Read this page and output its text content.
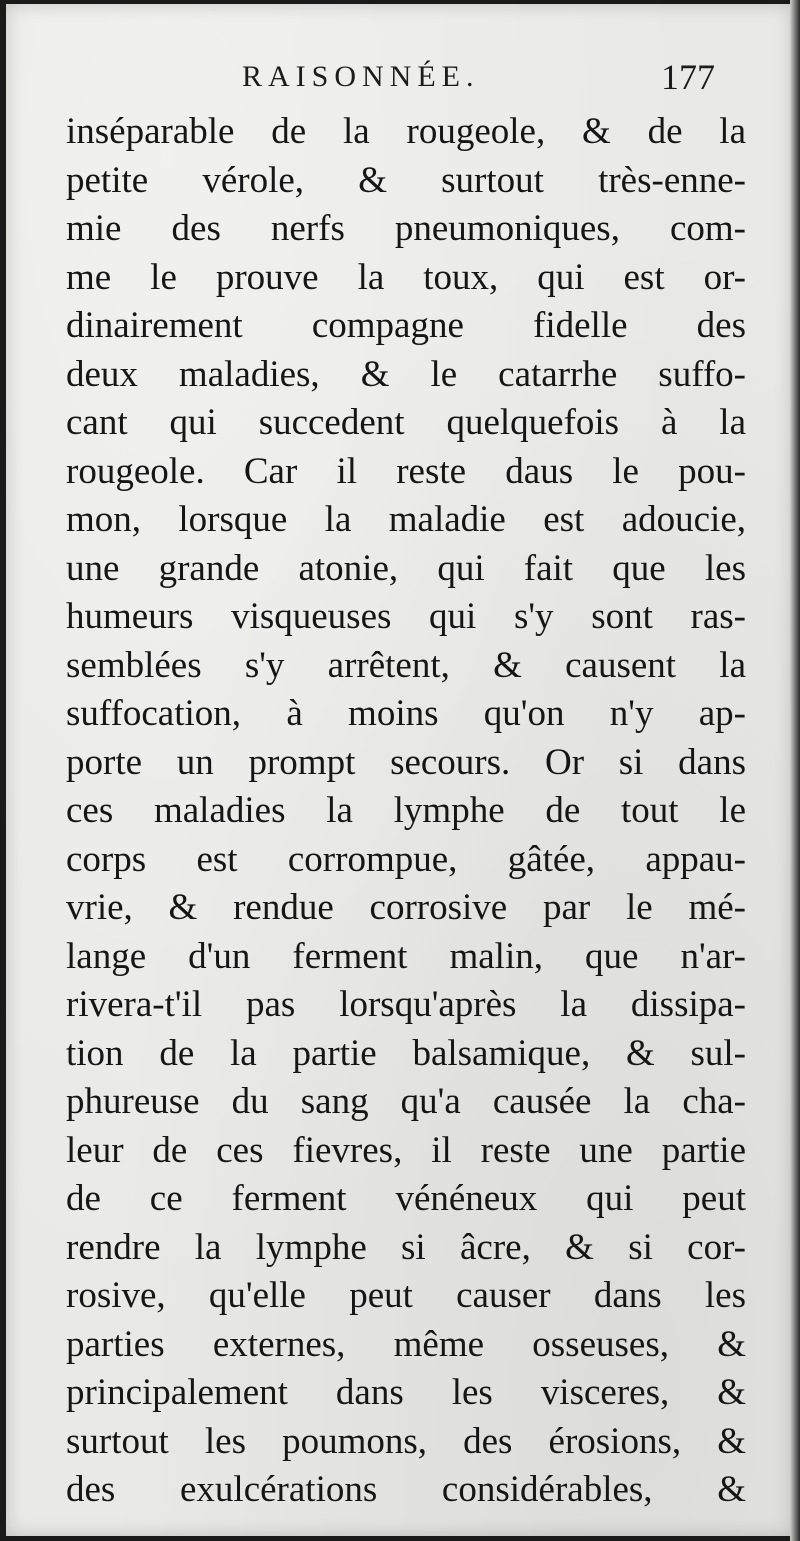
RAISONNÉE.	177
inséparable de la rougeole, & de la
petite vérole, & surtout très-enne-
mie des nerfs pneumoniques, com-
me le prouve la toux, qui est or-
dinairement compagne fidelle des
deux maladies, & le catarrhe suffo-
cant qui succedent quelquefois à la
rougeole. Car il reste daus le pou-
mon, lorsque la maladie est adoucie,
une grande atonie, qui fait que les
humeurs visqueuses qui s'y sont ras-
semblées s'y arrêtent, & causent la
suffocation, à moins qu'on n'y ap-
porte un prompt secours. Or si dans
ces maladies la lymphe de tout le
corps est corrompue, gâtée, appau-
vrie, & rendue corrosive par le mé-
lange d'un ferment malin, que n'ar-
rivera-t'il pas lorsqu'après la dissipa-
tion de la partie balsamique, & sul-
phureuse du sang qu'a causée la cha-
leur de ces fievres, il reste une partie
de ce ferment vénéneux qui peut
rendre la lymphe si âcre, & si cor-
rosive, qu'elle peut causer dans les
parties externes, même osseuses, &
principalement dans les visceres, &
surtout les poumons, des érosions, &
des exulcérations considérables, &
